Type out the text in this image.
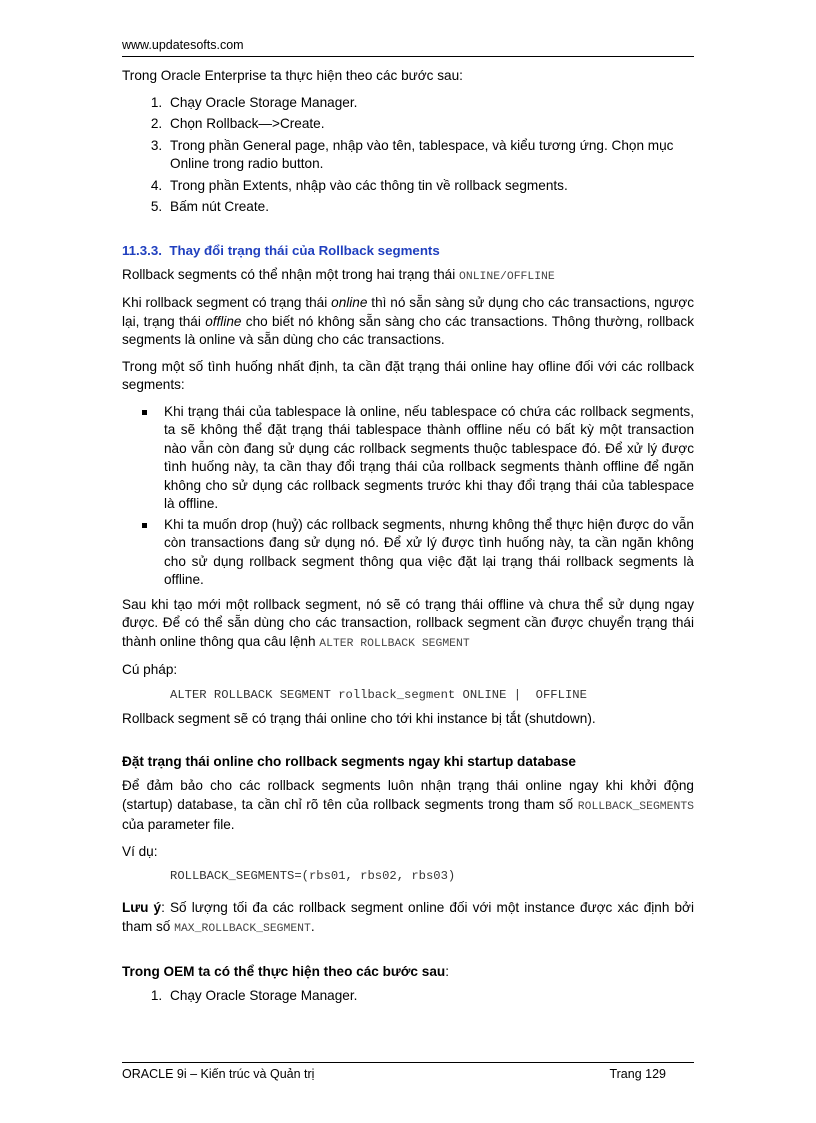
www.updatesofts.com

Trong Oracle Enterprise ta thực hiện theo các bước sau:

1. Chạy Oracle Storage Manager.
2. Chọn Rollback—>Create.
3. Trong phần General page, nhập vào tên, tablespace, và kiểu tương ứng. Chọn mục Online trong radio button.
4. Trong phần Extents, nhập vào các thông tin về rollback segments.
5. Bấm nút Create.
11.3.3. Thay đổi trạng thái của Rollback segments

Rollback segments có thể nhận một trong hai trạng thái ONLINE/OFFLINE

Khi rollback segment có trạng thái online thì nó sẵn sàng sử dụng cho các transactions, ngược lại, trạng thái offline cho biết nó không sẵn sàng cho các transactions. Thông thường, rollback segments là online và sẵn dùng cho các transactions.

Trong một số tình huống nhất định, ta cần đặt trạng thái online hay ofline đối với các rollback segments:

Khi trạng thái của tablespace là online, nếu tablespace có chứa các rollback segments, ta sẽ không thể đặt trạng thái tablespace thành offline nếu có bất kỳ một transaction nào vẫn còn đang sử dụng các rollback segments thuộc tablespace đó. Để xử lý được tình huống này, ta cần thay đổi trạng thái của rollback segments thành offline để ngăn không cho sử dụng các rollback segments trước khi thay đổi trạng thái của tablespace là offline.
Khi ta muốn drop (huỷ) các rollback segments, nhưng không thể thực hiện được do vẫn còn transactions đang sử dụng nó. Để xử lý được tình huống này, ta cần ngăn không cho sử dụng rollback segment thông qua việc đặt lại trạng thái rollback segments là offline.

Sau khi tạo mới một rollback segment, nó sẽ có trạng thái offline và chưa thể sử dụng ngay được. Để có thể sẵn dùng cho các transaction, rollback segment cần được chuyển trạng thái thành online thông qua câu lệnh ALTER ROLLBACK SEGMENT

Cú pháp:

ALTER ROLLBACK SEGMENT rollback_segment ONLINE |  OFFLINE

Rollback segment sẽ có trạng thái online cho tới khi instance bị tắt (shutdown).

Đặt trạng thái online cho rollback segments ngay khi startup database

Để đảm bảo cho các rollback segments luôn nhận trạng thái online ngay khi khởi động (startup) database, ta cần chỉ rõ tên của rollback segments trong tham số ROLLBACK_SEGMENTS của parameter file.

Ví dụ:

ROLLBACK_SEGMENTS=(rbs01, rbs02, rbs03)

Lưu ý: Số lượng tối đa các rollback segment online đối với một instance được xác định bởi tham số MAX_ROLLBACK_SEGMENT.

Trong OEM ta có thể thực hiện theo các bước sau:
1. Chạy Oracle Storage Manager.
ORACLE 9i – Kiến trúc và Quản trị	Trang 129
